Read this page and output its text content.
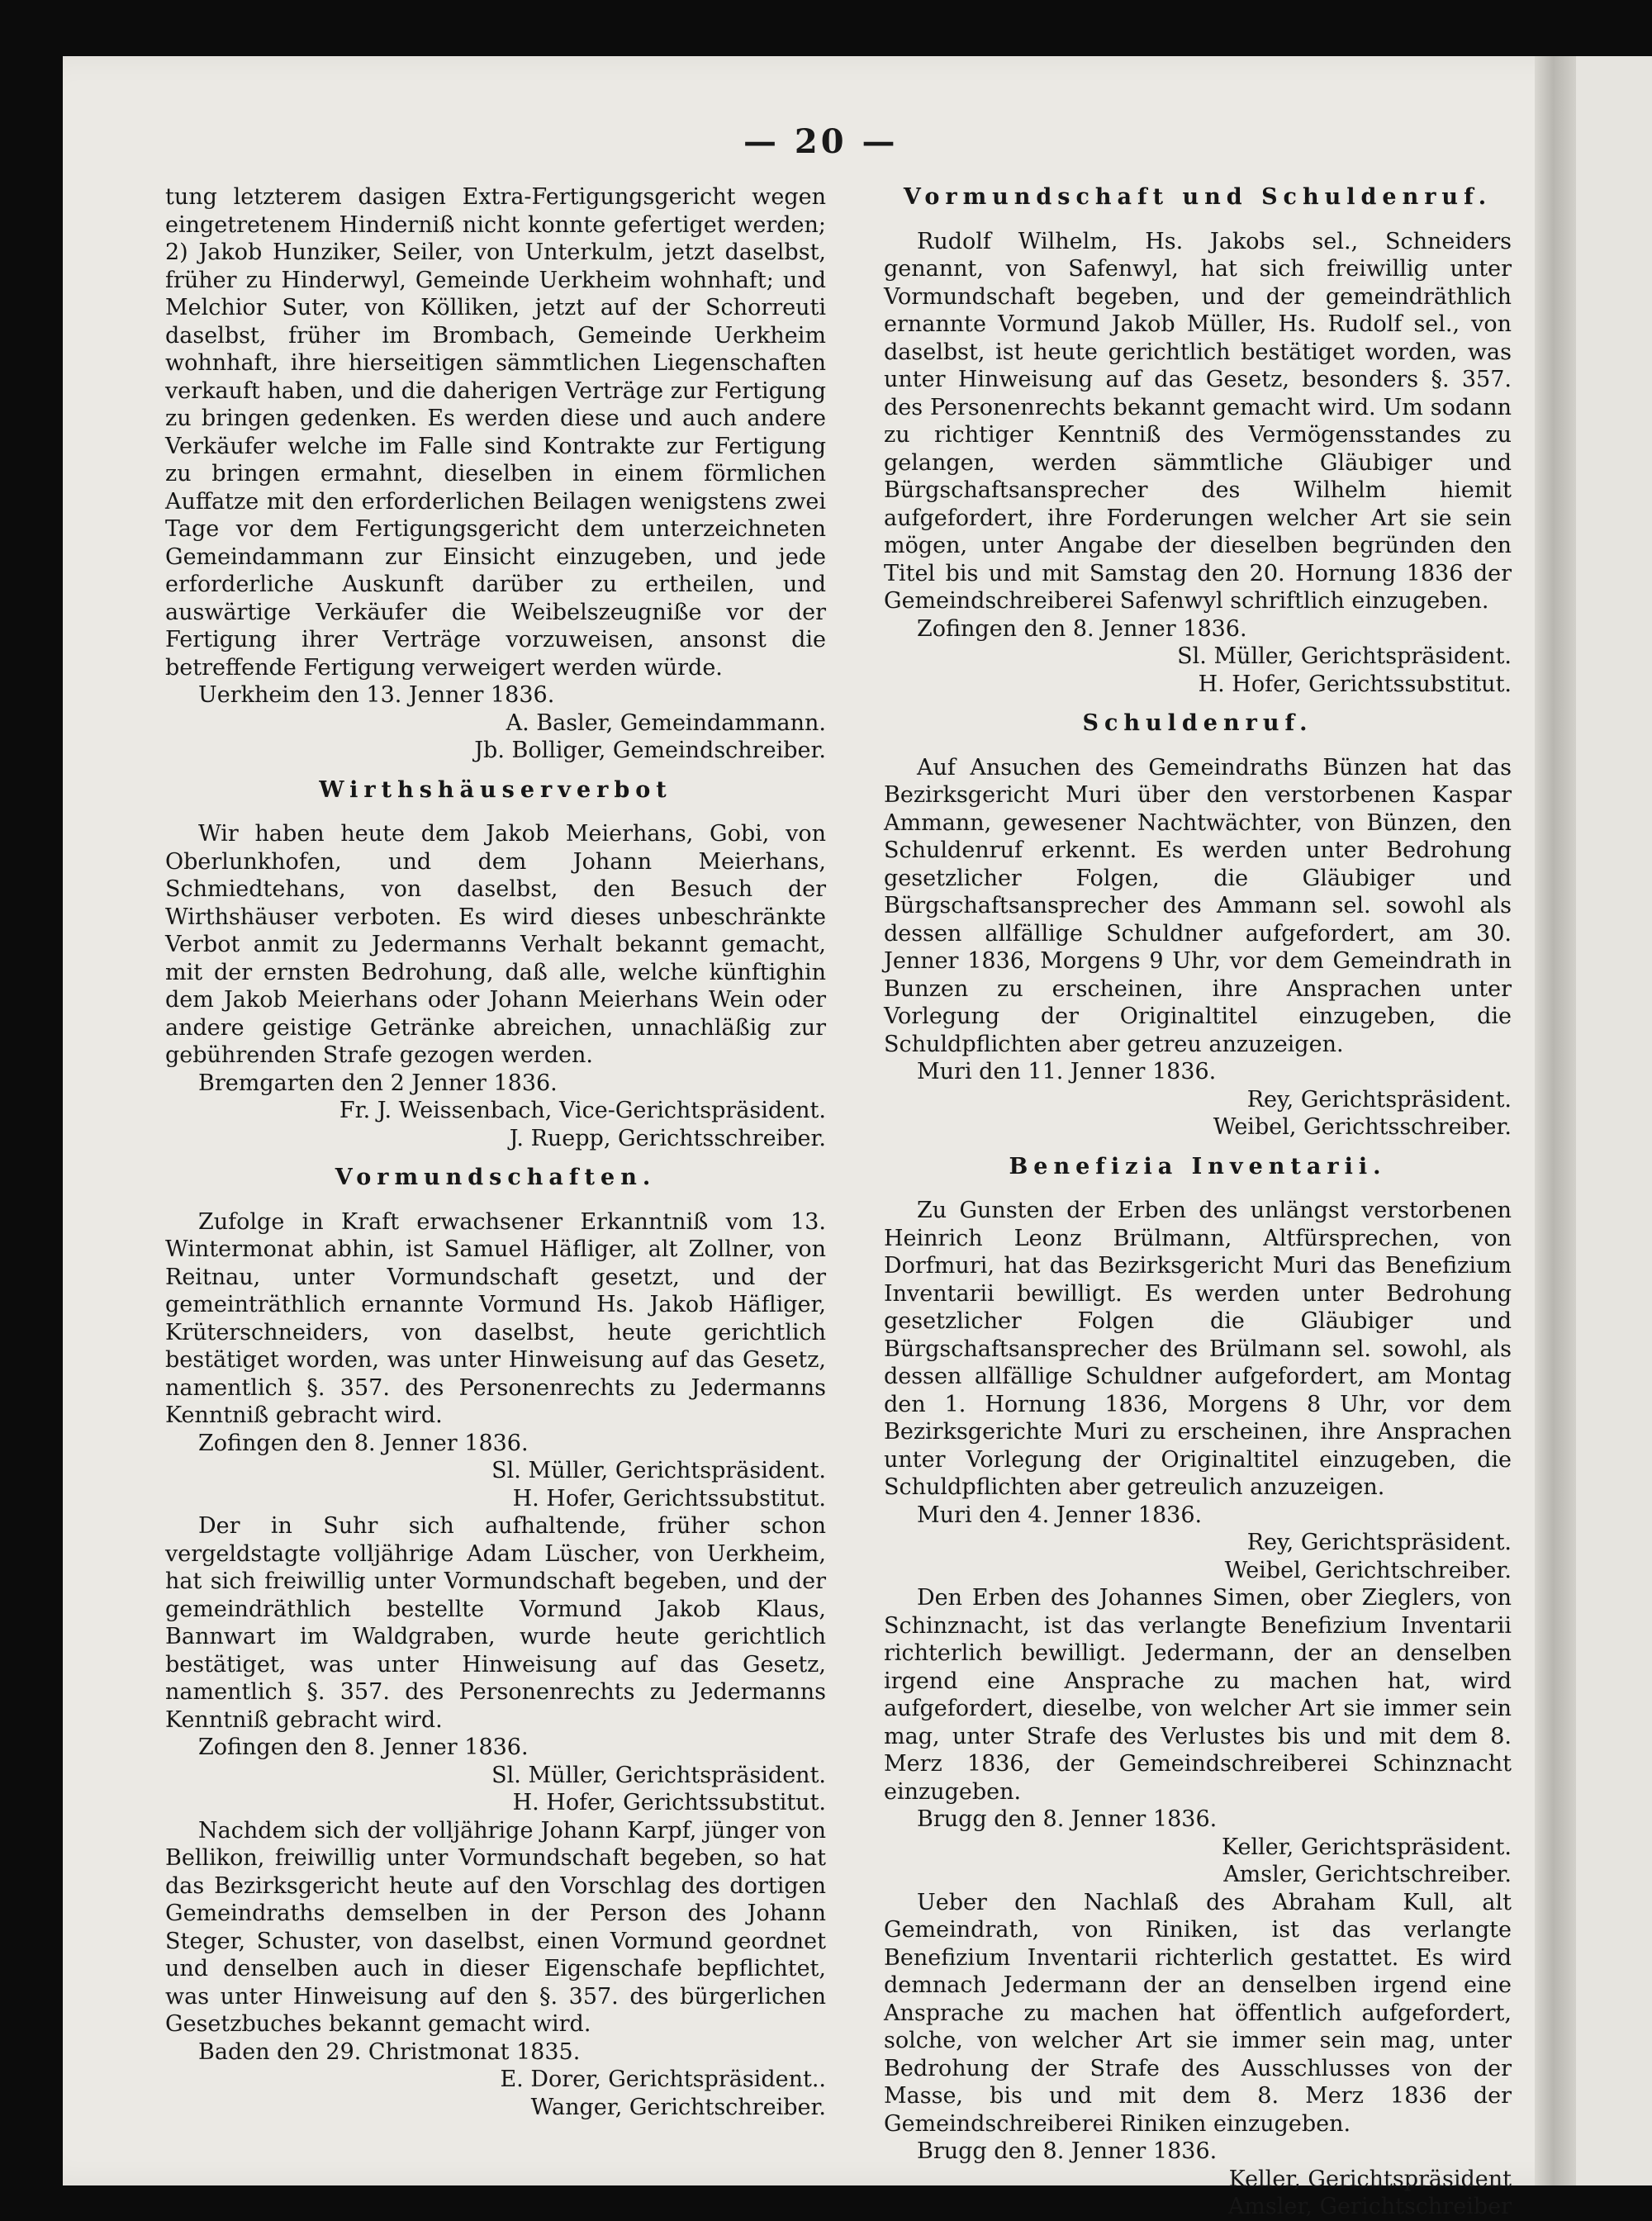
— 20 —

tung letzterem dasigen Extra-Fertigungsgericht wegen eingetretenem Hinderniß nicht konnte gefertiget werden; 2) Jakob Hunziker, Seiler, von Unterkulm, jetzt daselbst, früher zu Hinderwyl, Gemeinde Uerkheim wohnhaft; und Melchior Suter, von Kölliken, jetzt auf der Schorreuti daselbst, früher im Brombach, Gemeinde Uerkheim wohnhaft, ihre hierseitigen sämmtlichen Liegenschaften verkauft haben, und die daherigen Verträge zur Fertigung zu bringen gedenken. Es werden diese und auch andere Verkäufer welche im Falle sind Kontrakte zur Fertigung zu bringen ermahnt, dieselben in einem förmlichen Auffatze mit den erforderlichen Beilagen wenigstens zwei Tage vor dem Fertigungsgericht dem unterzeichneten Gemeindammann zur Einsicht einzugeben, und jede erforderliche Auskunft darüber zu ertheilen, und auswärtige Verkäufer die Weibelszeugniße vor der Fertigung ihrer Verträge vorzuweisen, ansonst die betreffende Fertigung verweigert werden würde.

Uerkheim den 13. Jenner 1836.

A. Basler, Gemeindammann.

Jb. Bolliger, Gemeindschreiber.

Wirthshäuserverbot

Wir haben heute dem Jakob Meierhans, Gobi, von Oberlunkhofen, und dem Johann Meierhans, Schmiedtehans, von daselbst, den Besuch der Wirthshäuser verboten. Es wird dieses unbeschränkte Verbot anmit zu Jedermanns Verhalt bekannt gemacht, mit der ernsten Bedrohung, daß alle, welche künftighin dem Jakob Meierhans oder Johann Meierhans Wein oder andere geistige Getränke abreichen, unnachläßig zur gebührenden Strafe gezogen werden.

Bremgarten den 2 Jenner 1836.

Fr. J. Weissenbach, Vice-Gerichtspräsident.

J. Ruepp, Gerichtsschreiber.

Vormundschaften.

Zufolge in Kraft erwachsener Erkanntniß vom 13. Wintermonat abhin, ist Samuel Häfliger, alt Zollner, von Reitnau, unter Vormundschaft gesetzt, und der gemeinträthlich ernannte Vormund Hs. Jakob Häfliger, Krüterschneiders, von daselbst, heute gerichtlich bestätiget worden, was unter Hinweisung auf das Gesetz, namentlich §. 357. des Personenrechts zu Jedermanns Kenntniß gebracht wird.

Zofingen den 8. Jenner 1836.

Sl. Müller, Gerichtspräsident.

H. Hofer, Gerichtssubstitut.

Der in Suhr sich aufhaltende, früher schon vergeldstagte volljährige Adam Lüscher, von Uerkheim, hat sich freiwillig unter Vormundschaft begeben, und der gemeindräthlich bestellte Vormund Jakob Klaus, Bannwart im Waldgraben, wurde heute gerichtlich bestätiget, was unter Hinweisung auf das Gesetz, namentlich §. 357. des Personenrechts zu Jedermanns Kenntniß gebracht wird.

Zofingen den 8. Jenner 1836.

Sl. Müller, Gerichtspräsident.

H. Hofer, Gerichtssubstitut.

Nachdem sich der volljährige Johann Karpf, jünger von Bellikon, freiwillig unter Vormundschaft begeben, so hat das Bezirksgericht heute auf den Vorschlag des dortigen Gemeindraths demselben in der Person des Johann Steger, Schuster, von daselbst, einen Vormund geordnet und denselben auch in dieser Eigenschafe bepflichtet, was unter Hinweisung auf den §. 357. des bürgerlichen Gesetzbuches bekannt gemacht wird.

Baden den 29. Christmonat 1835.

E. Dorer, Gerichtspräsident..

Wanger, Gerichtschreiber.

Vormundschaft und Schuldenruf.

Rudolf Wilhelm, Hs. Jakobs sel., Schneiders genannt, von Safenwyl, hat sich freiwillig unter Vormundschaft begeben, und der gemeindräthlich ernannte Vormund Jakob Müller, Hs. Rudolf sel., von daselbst, ist heute gerichtlich bestätiget worden, was unter Hinweisung auf das Gesetz, besonders §. 357. des Personenrechts bekannt gemacht wird. Um sodann zu richtiger Kenntniß des Vermögensstandes zu gelangen, werden sämmtliche Gläubiger und Bürgschaftsansprecher des Wilhelm hiemit aufgefordert, ihre Forderungen welcher Art sie sein mögen, unter Angabe der dieselben begründen den Titel bis und mit Samstag den 20. Hornung 1836 der Gemeindschreiberei Safenwyl schriftlich einzugeben.

Zofingen den 8. Jenner 1836.

Sl. Müller, Gerichtspräsident.

H. Hofer, Gerichtssubstitut.

Schuldenruf.

Auf Ansuchen des Gemeindraths Bünzen hat das Bezirksgericht Muri über den verstorbenen Kaspar Ammann, gewesener Nachtwächter, von Bünzen, den Schuldenruf erkennt. Es werden unter Bedrohung gesetzlicher Folgen, die Gläubiger und Bürgschaftsansprecher des Ammann sel. sowohl als dessen allfällige Schuldner aufgefordert, am 30. Jenner 1836, Morgens 9 Uhr, vor dem Gemeindrath in Bunzen zu erscheinen, ihre Ansprachen unter Vorlegung der Originaltitel einzugeben, die Schuldpflichten aber getreu anzuzeigen.

Muri den 11. Jenner 1836.

Rey, Gerichtspräsident.

Weibel, Gerichtsschreiber.

Benefizia Inventarii.

Zu Gunsten der Erben des unlängst verstorbenen Heinrich Leonz Brülmann, Altfürsprechen, von Dorfmuri, hat das Bezirksgericht Muri das Benefizium Inventarii bewilligt. Es werden unter Bedrohung gesetzlicher Folgen die Gläubiger und Bürgschaftsansprecher des Brülmann sel. sowohl, als dessen allfällige Schuldner aufgefordert, am Montag den 1. Hornung 1836, Morgens 8 Uhr, vor dem Bezirksgerichte Muri zu erscheinen, ihre Ansprachen unter Vorlegung der Originaltitel einzugeben, die Schuldpflichten aber getreulich anzuzeigen.

Muri den 4. Jenner 1836.

Rey, Gerichtspräsident.

Weibel, Gerichtschreiber.

Den Erben des Johannes Simen, ober Zieglers, von Schinznacht, ist das verlangte Benefizium Inventarii richterlich bewilligt. Jedermann, der an denselben irgend eine Ansprache zu machen hat, wird aufgefordert, dieselbe, von welcher Art sie immer sein mag, unter Strafe des Verlustes bis und mit dem 8. Merz 1836, der Gemeindschreiberei Schinznacht einzugeben.

Brugg den 8. Jenner 1836.

Keller, Gerichtspräsident.

Amsler, Gerichtschreiber.

Ueber den Nachlaß des Abraham Kull, alt Gemeindrath, von Riniken, ist das verlangte Benefizium Inventarii richterlich gestattet. Es wird demnach Jedermann der an denselben irgend eine Ansprache zu machen hat öffentlich aufgefordert, solche, von welcher Art sie immer sein mag, unter Bedrohung der Strafe des Ausschlusses von der Masse, bis und mit dem 8. Merz 1836 der Gemeindschreiberei Riniken einzugeben.

Brugg den 8. Jenner 1836.

Keller, Gerichtspräsident

Amsler, Gerichtschreiber
